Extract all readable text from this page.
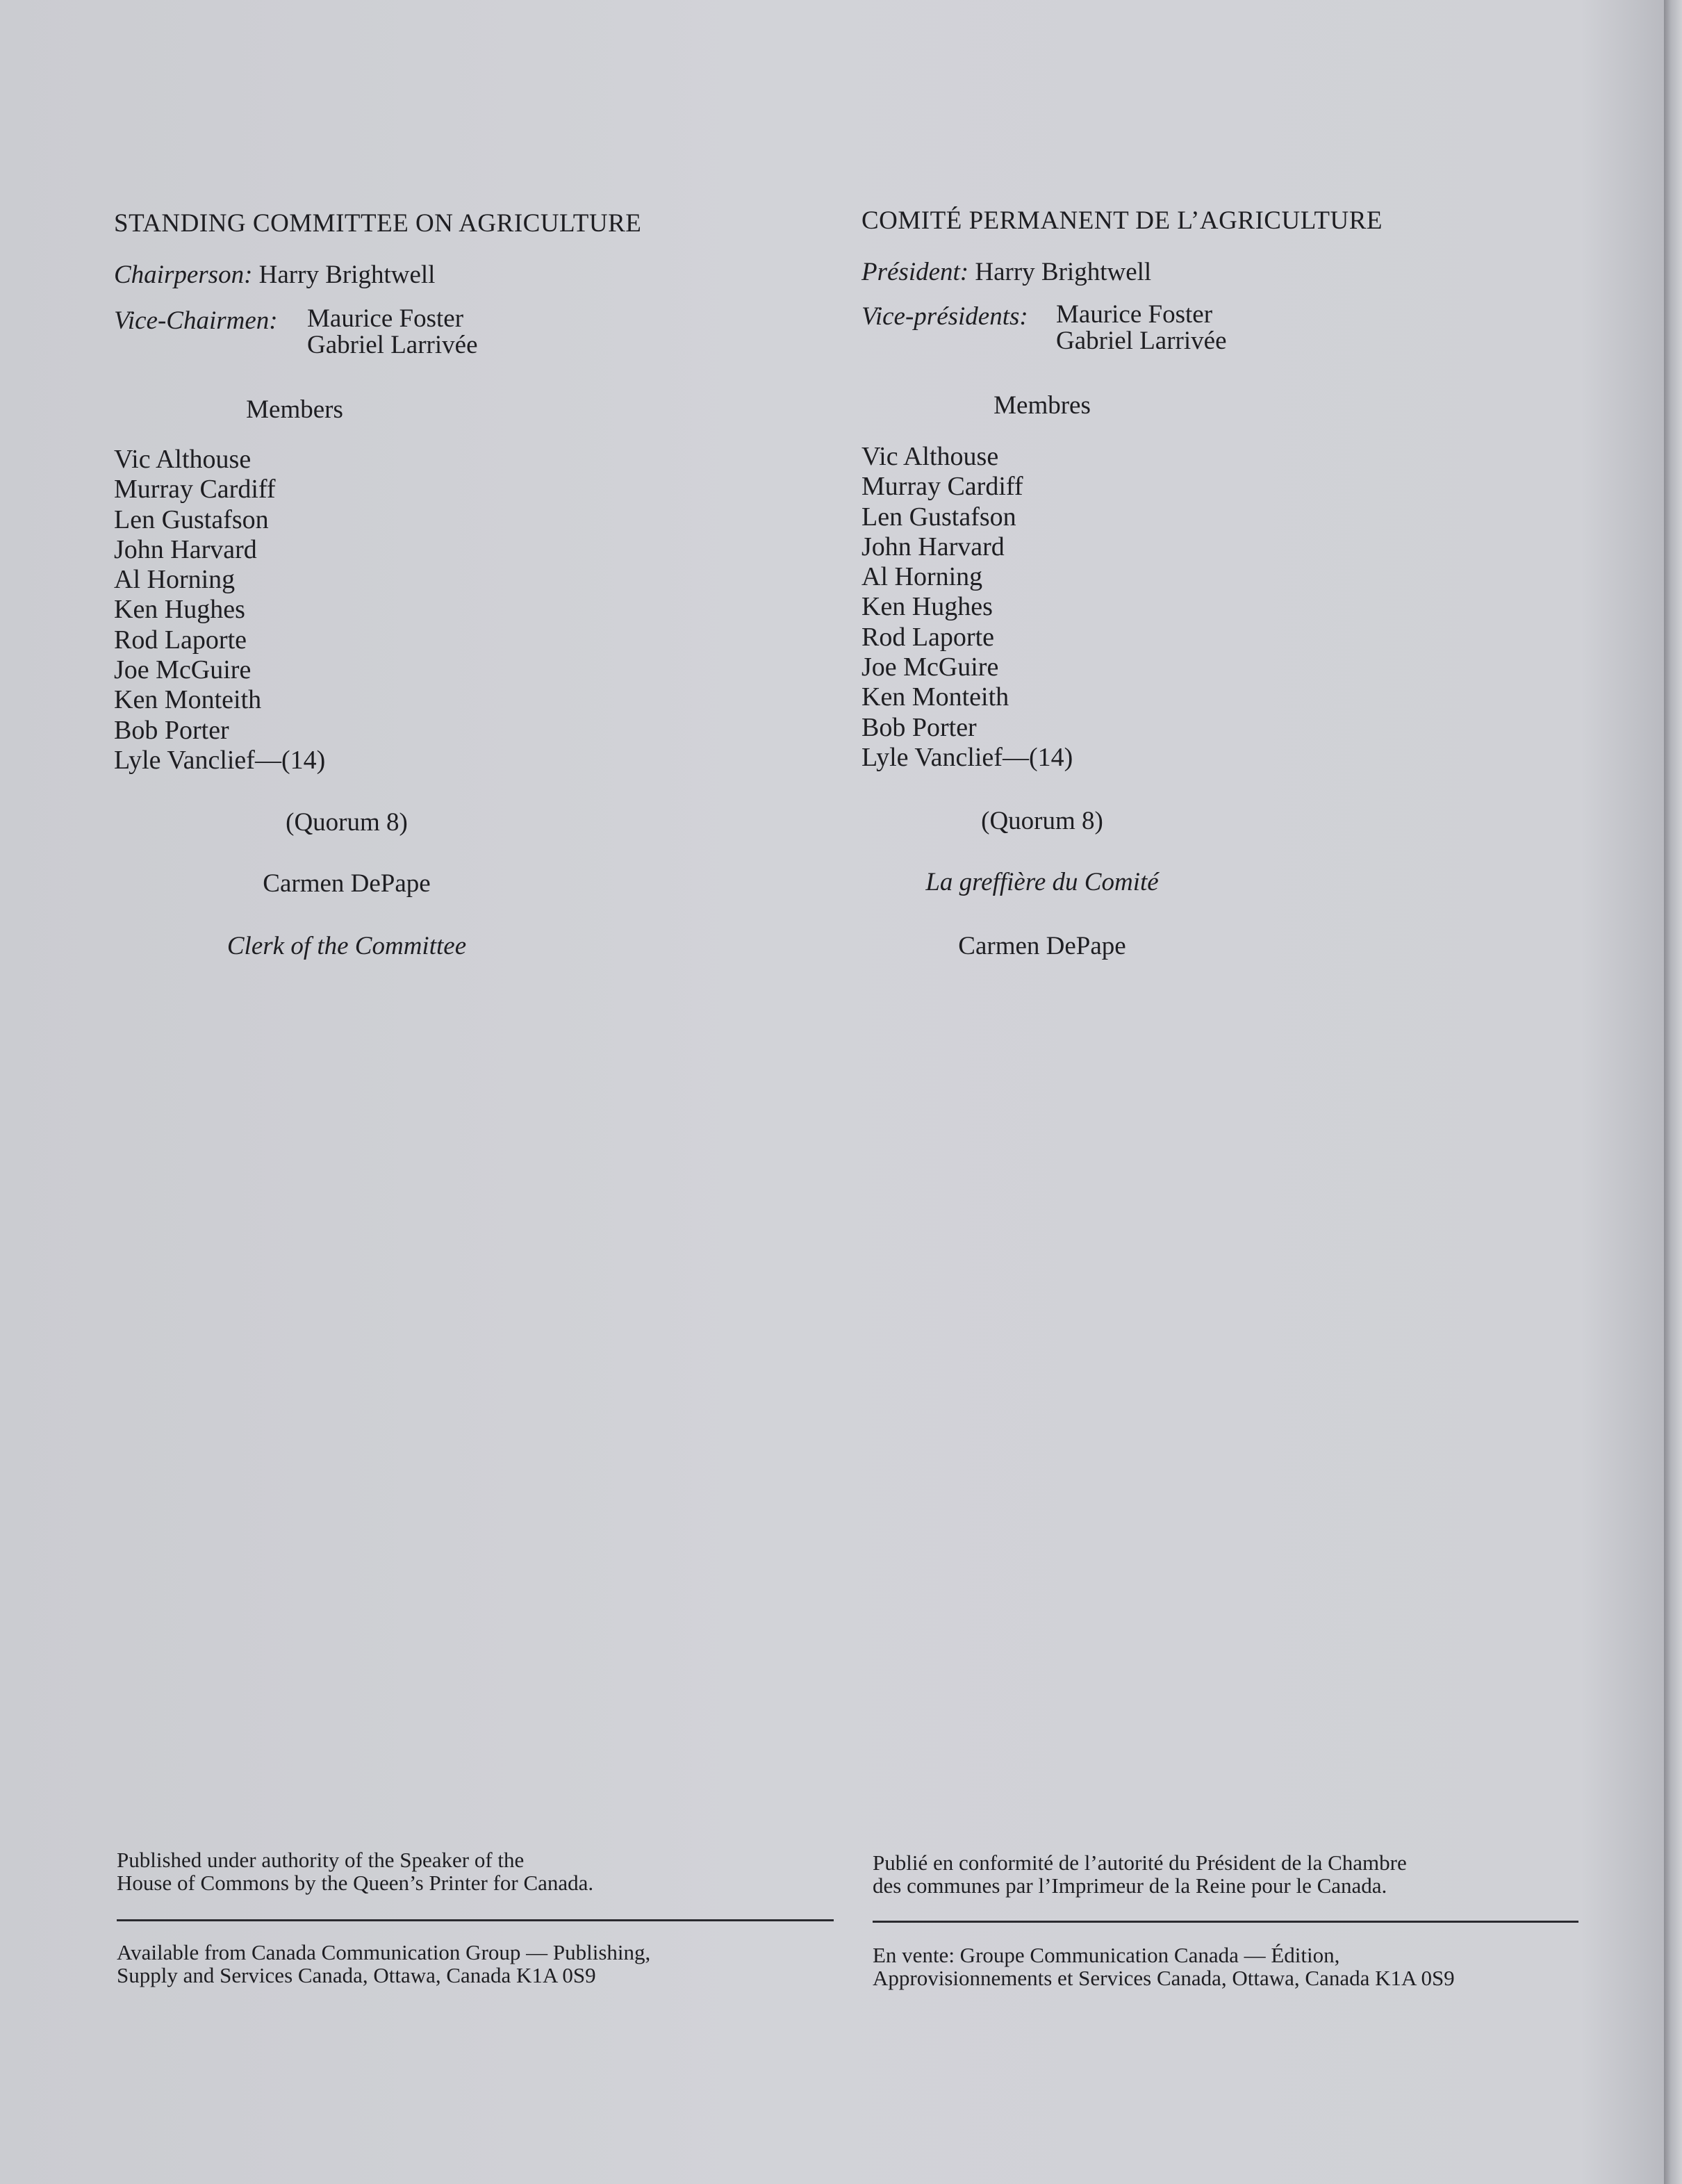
STANDING COMMITTEE ON AGRICULTURE
Chairperson: Harry Brightwell
Vice-Chairmen: Maurice Foster
Gabriel Larrivée
Members
Vic Althouse
Murray Cardiff
Len Gustafson
John Harvard
Al Horning
Ken Hughes
Rod Laporte
Joe McGuire
Ken Monteith
Bob Porter
Lyle Vanclief—(14)
(Quorum 8)
Carmen DePape
Clerk of the Committee
Published under authority of the Speaker of the
House of Commons by the Queen’s Printer for Canada.
Available from Canada Communication Group — Publishing,
Supply and Services Canada, Ottawa, Canada K1A 0S9
COMITÉ PERMANENT DE L’AGRICULTURE
Président: Harry Brightwell
Vice-présidents: Maurice Foster
Gabriel Larrivée
Membres
Vic Althouse
Murray Cardiff
Len Gustafson
John Harvard
Al Horning
Ken Hughes
Rod Laporte
Joe McGuire
Ken Monteith
Bob Porter
Lyle Vanclief—(14)
(Quorum 8)
La greffière du Comité
Carmen DePape
Publié en conformité de l’autorité du Président de la Chambre
des communes par l’Imprimeur de la Reine pour le Canada.
En vente: Groupe Communication Canada — Édition,
Approvisionnements et Services Canada, Ottawa, Canada K1A 0S9
